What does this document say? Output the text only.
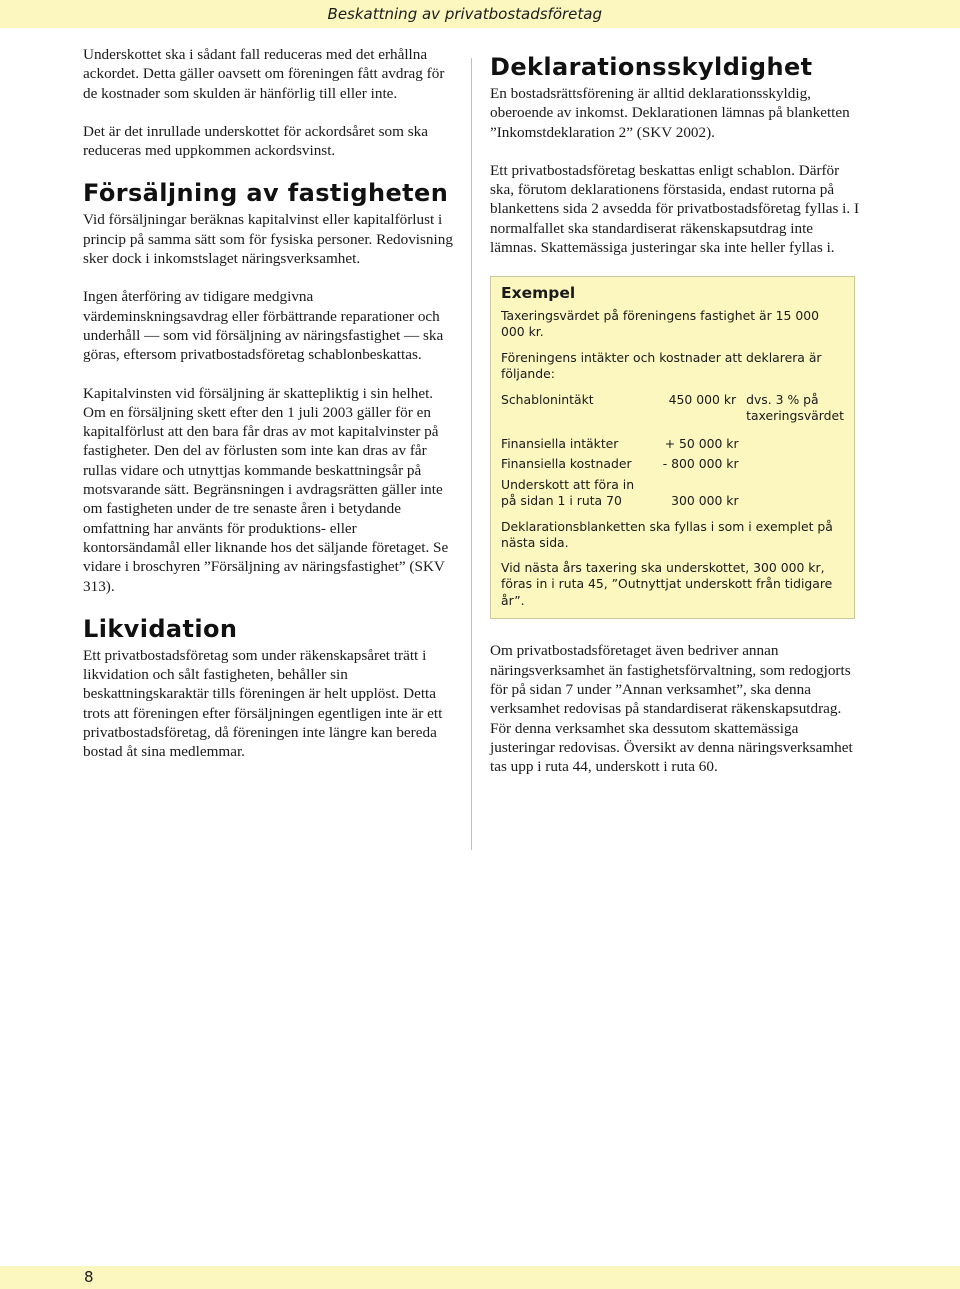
Beskattning av privatbostadsföretag

Underskottet ska i sådant fall reduceras med det erhållna ackordet. Detta gäller oavsett om föreningen fått avdrag för de kostnader som skulden är hänförlig till eller inte.

Det är det inrullade underskottet för ackordsåret som ska reduceras med uppkommen ackordsvinst.

Försäljning av fastigheten

Vid försäljningar beräknas kapitalvinst eller kapitalförlust i princip på samma sätt som för fysiska personer. Redovisning sker dock i inkomstslaget näringsverksamhet.

Ingen återföring av tidigare medgivna värdeminskningsavdrag eller förbättrande reparationer och underhåll — som vid försäljning av näringsfastighet — ska göras, eftersom privatbostadsföretag schablonbeskattas.

Kapitalvinsten vid försäljning är skattepliktig i sin helhet. Om en försäljning skett efter den 1 juli 2003 gäller för en kapitalförlust att den bara får dras av mot kapitalvinster på fastigheter. Den del av förlusten som inte kan dras av får rullas vidare och utnyttjas kommande beskattningsår på motsvarande sätt. Begränsningen i avdragsrätten gäller inte om fastigheten under de tre senaste åren i betydande omfattning har använts för produktions- eller kontorsändamål eller liknande hos det säljande företaget. Se vidare i broschyren ”Försäljning av näringsfastighet” (SKV 313).

Likvidation

Ett privatbostadsföretag som under räkenskapsåret trätt i likvidation och sålt fastigheten, behåller sin beskattningskaraktär tills föreningen är helt upplöst. Detta trots att föreningen efter försäljningen egentligen inte är ett privatbostadsföretag, då föreningen inte längre kan bereda bostad åt sina medlemmar.

Deklarationsskyldighet

En bostadsrättsförening är alltid deklarationsskyldig, oberoende av inkomst. Deklarationen lämnas på blanketten ”Inkomstdeklaration 2” (SKV 2002).

Ett privatbostadsföretag beskattas enligt schablon. Därför ska, förutom deklarationens förstasida, endast rutorna på blankettens sida 2 avsedda för privatbostadsföretag fyllas i. I normalfallet ska standardiserat räkenskapsutdrag inte lämnas. Skattemässiga justeringar ska inte heller fyllas i.

Exempel
Taxeringsvärdet på föreningens fastighet är 15 000 000 kr.
Föreningens intäkter och kostnader att deklarera är följande:
Schablonintäkt	450 000 kr dvs. 3 % på taxeringsvärdet
Finansiella intäkter	+ 50 000 kr
Finansiella kostnader	- 800 000 kr
Underskott att föra in på sidan 1 i ruta 70	300 000 kr
Deklarationsblanketten ska fyllas i som i exemplet på nästa sida.
Vid nästa års taxering ska underskottet, 300 000 kr, föras in i ruta 45, ”Outnyttjat underskott från tidigare år”.

Om privatbostadsföretaget även bedriver annan näringsverksamhet än fastighetsförvaltning, som redogjorts för på sidan 7 under ”Annan verksamhet”, ska denna verksamhet redovisas på standardiserat räkenskapsutdrag. För denna verksamhet ska dessutom skattemässiga justeringar redovisas. Översikt av denna näringsverksamhet tas upp i ruta 44, underskott i ruta 60.

8
